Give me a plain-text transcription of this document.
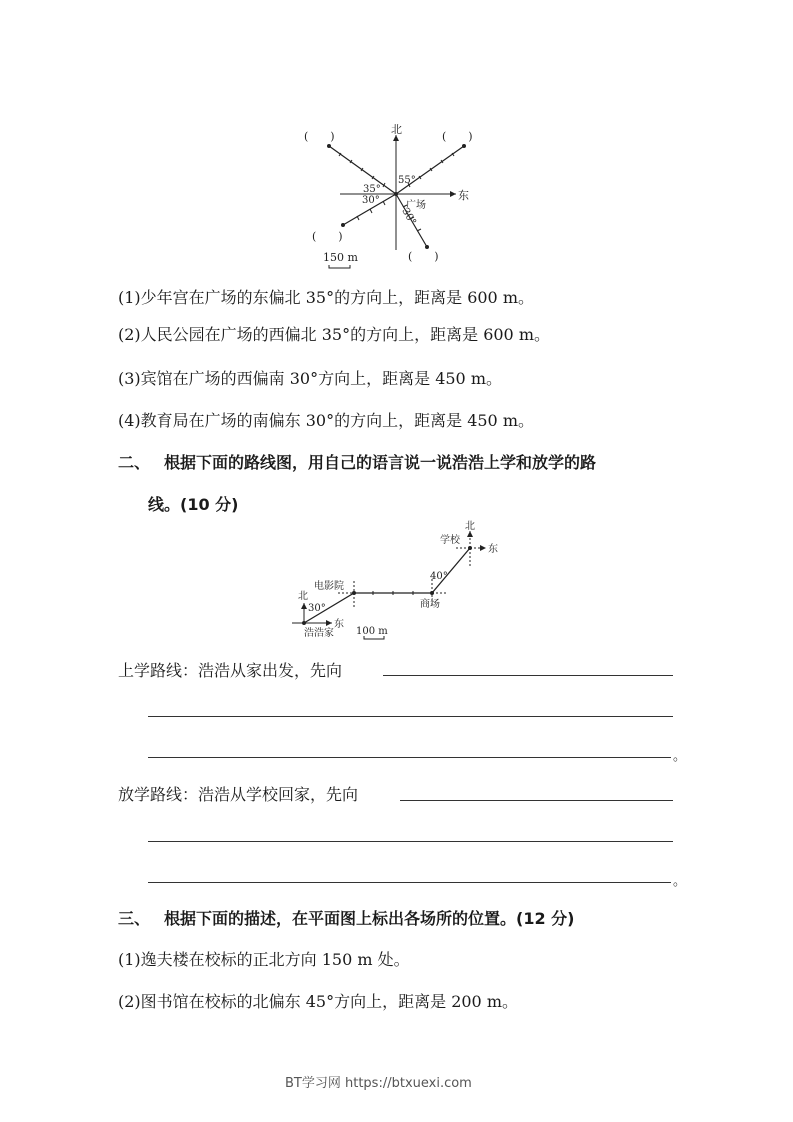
北
东
广场
55°
35°
30°
30°
(　　)	(　　)
(　　)
(　　)
150 m
(1)少年宫在广场的东偏北 35°的方向上，距离是 600 m。
(2)人民公园在广场的西偏北 35°的方向上，距离是 600 m。
(3)宾馆在广场的西偏南 30°方向上，距离是 450 m。
(4)教育局在广场的南偏东 30°的方向上，距离是 450 m。
二、 根据下面的路线图，用自己的语言说一说浩浩上学和放学的路
线。(10 分)
北
30°
东
浩浩家
电影院
商场
40°
学校
北
东
100 m
上学路线：浩浩从家出发，先向
。
放学路线：浩浩从学校回家，先向
。
三、 根据下面的描述，在平面图上标出各场所的位置。(12 分)
(1)逸夫楼在校标的正北方向 150 m 处。
(2)图书馆在校标的北偏东 45°方向上，距离是 200 m。
BT学习网 https://btxuexi.com
